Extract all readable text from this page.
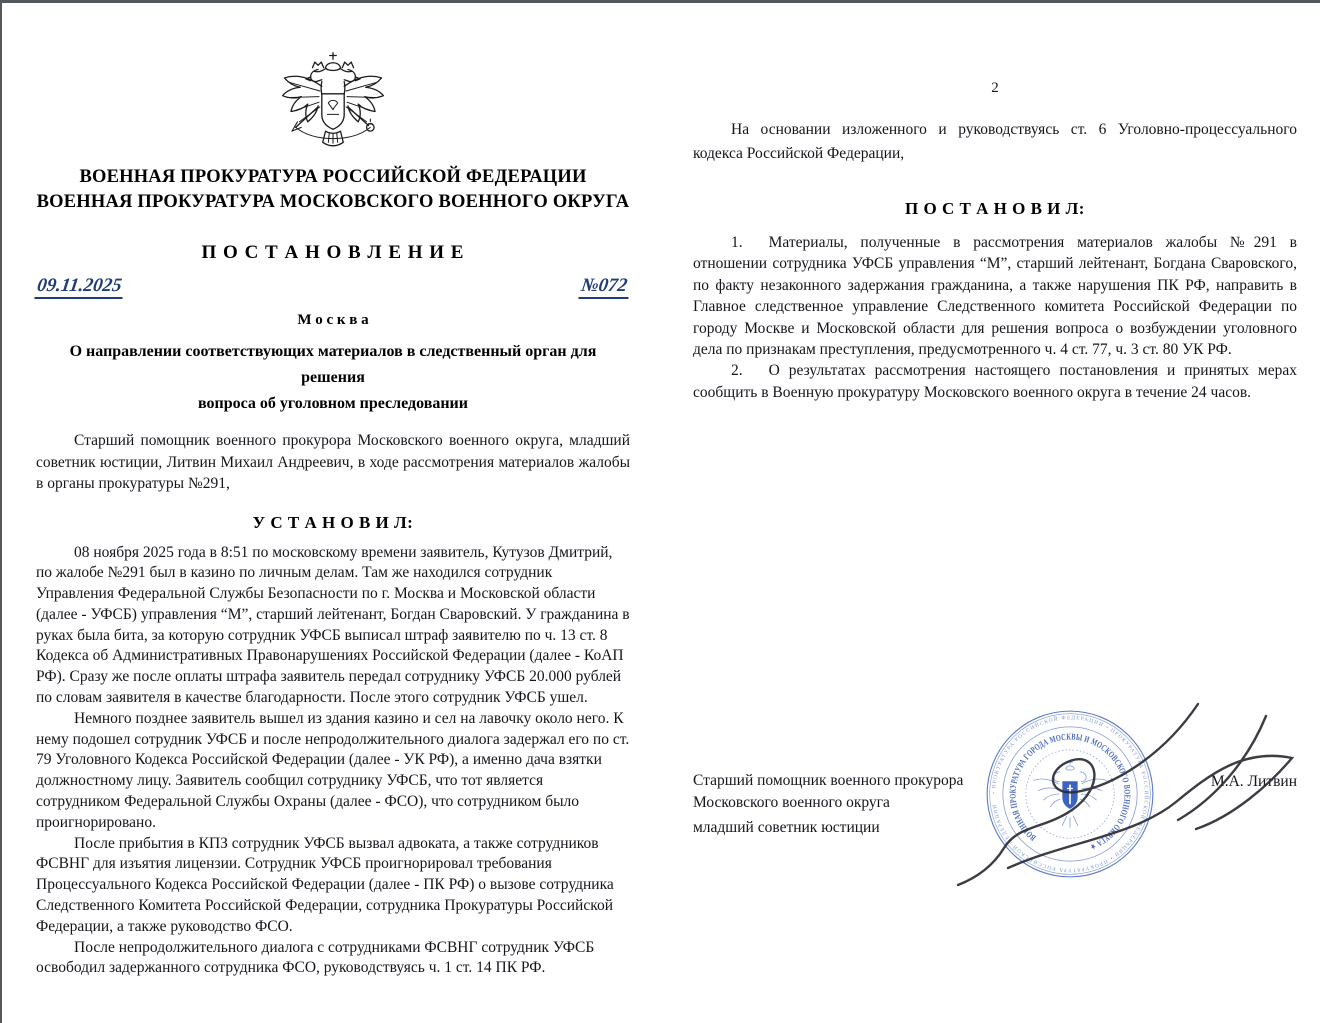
ВОЕННАЯ ПРОКУРАТУРА РОССИЙСКОЙ ФЕДЕРАЦИИ
ВОЕННАЯ ПРОКУРАТУРА МОСКОВСКОГО ВОЕННОГО ОКРУГА
П О С Т А Н О В Л Е Н И Е
09.11.2025	№072
М о с к в а
О направлении соответствующих материалов в следственный орган для решения
вопроса об уголовном преследовании

Старший помощник военного прокурора Московского военного округа, младший советник юстиции, Литвин Михаил Андреевич, в ходе рассмотрения материалов жалобы в органы прокуратуры №291,

У С Т А Н О В И Л:

08 ноября 2025 года в 8:51 по московскому времени заявитель, Кутузов Дмитрий, по жалобе №291 был в казино по личным делам. Там же находился сотрудник Управления Федеральной Службы Безопасности по г. Москва и Московской области (далее - УФСБ) управления “М”, старший лейтенант, Богдан Сваровский. У гражданина в руках была бита, за которую сотрудник УФСБ выписал штраф заявителю по ч. 13 ст. 8 Кодекса об Административных Правонарушениях Российской Федерации (далее - КоАП РФ). Сразу же после оплаты штрафа заявитель передал сотруднику УФСБ 20.000 рублей по словам заявителя в качестве благодарности. После этого сотрудник УФСБ ушел.

Немного позднее заявитель вышел из здания казино и сел на лавочку около него. К нему подошел сотрудник УФСБ и после непродолжительного диалога задержал его по ст. 79 Уголовного Кодекса Российской Федерации (далее - УК РФ), а именно дача взятки должностному лицу. Заявитель сообщил сотруднику УФСБ, что тот является сотрудником Федеральной Службы Охраны (далее - ФСО), что сотрудником было проигнорировано.

После прибытия в КПЗ сотрудник УФСБ вызвал адвоката, а также сотрудников ФСВНГ для изъятия лицензии. Сотрудник УФСБ проигнорировал требования Процессуального Кодекса Российской Федерации (далее - ПК РФ) о вызове сотрудника Следственного Комитета Российской Федерации, сотрудника Прокуратуры Российской Федерации, а также руководство ФСО.

После непродолжительного диалога с сотрудниками ФСВНГ сотрудник УФСБ освободил задержанного сотрудника ФСО, руководствуясь ч. 1 ст. 14 ПК РФ.

2

На основании изложенного и руководствуясь ст. 6 Уголовно-процессуального кодекса Российской Федерации,

П О С Т А Н О В И Л:

1. Материалы, полученные в рассмотрения материалов жалобы №291 в отношении сотрудника УФСБ управления “М”, старший лейтенант, Богдана Сваровского, по факту незаконного задержания гражданина, а также нарушения ПК РФ, направить в Главное следственное управление Следственного комитета Российской Федерации по городу Москве и Московской области для решения вопроса о возбуждении уголовного дела по признакам преступления, предусмотренного ч. 4 ст. 77, ч. 3 ст. 80 УК РФ.

2. О результатах рассмотрения настоящего постановления и принятых мерах сообщить в Военную прокуратуру Московского военного округа в течение 24 часов.

Старший помощник военного прокурора
Московского военного округа
младший советник юстиции
М.А. Литвин
• ПРОКУРАТУРА РОССИЙСКОЙ ФЕДЕРАЦИИ • ПРОКУРАТУРА РОССИЙСКОЙ ФЕДЕРАЦИИ • ПРОКУРАТУРА РОССИЙСКОЙ ФЕДЕРАЦИИ
ВОЕННАЯ ПРОКУРАТУРА ГОРОДА МОСКВЫ И МОСКОВСКОГО ВОЕННОГО ОКРУГА ★
